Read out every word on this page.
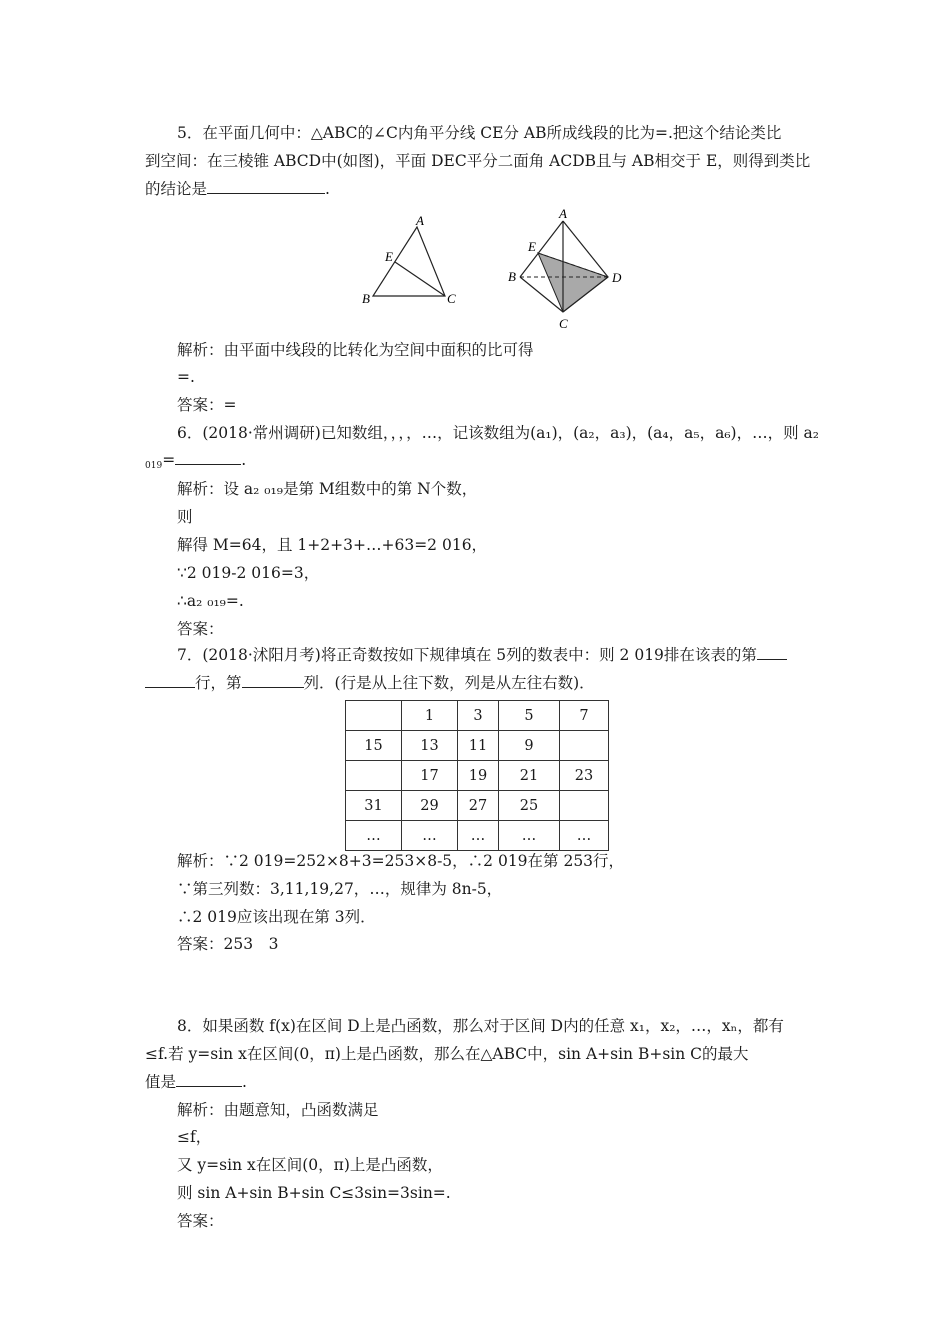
5．在平面几何中：△ABC的∠C内角平分线 CE分 AB所成线段的比为=.把这个结论类比
到空间：在三棱锥 ABCD中(如图)，平面 DEC平分二面角 ACDB且与 AB相交于 E，则得到类比
的结论是	.
A
E
B	C
A
E
B	D
C
解析：由平面中线段的比转化为空间中面积的比可得
=.
答案：=
6．(2018·常州调研)已知数组，，，，…，记该数组为(a₁)，(a₂，a₃)，(a₄，a₅，a₆)，…，则 a₂
$_{019}$=	.
解析：设 a₂ ₀₁₉是第 M组数中的第 N个数，
则
解得 M=64，且 1+2+3+…+63=2 016，
∵2 019-2 016=3，
∴a₂ ₀₁₉=.
答案：
7．(2018·沭阳月考)将正奇数按如下规律填在 5列的数表中：则 2 019排在该表的第
行，第	列．(行是从上往下数，列是从左往右数)．
	1	3	5	7
15	13	11	9	
	17	19	21	23
31	29	27	25	
…	…	…	…	…
解析：∵2 019=252×8+3=253×8-5，∴2 019在第 253行，
∵第三列数：3,11,19,27，…，规律为 8n-5，
∴2 019应该出现在第 3列．
答案：253　3
8．如果函数 f(x)在区间 D上是凸函数，那么对于区间 D内的任意 x₁，x₂，…，xₙ，都有
≤f.若 y=sin x在区间(0，π)上是凸函数，那么在△ABC中，sin A+sin B+sin C的最大
值是	.
解析：由题意知，凸函数满足
≤f，
又 y=sin x在区间(0，π)上是凸函数，
则 sin A+sin B+sin C≤3sin=3sin=.
答案：
